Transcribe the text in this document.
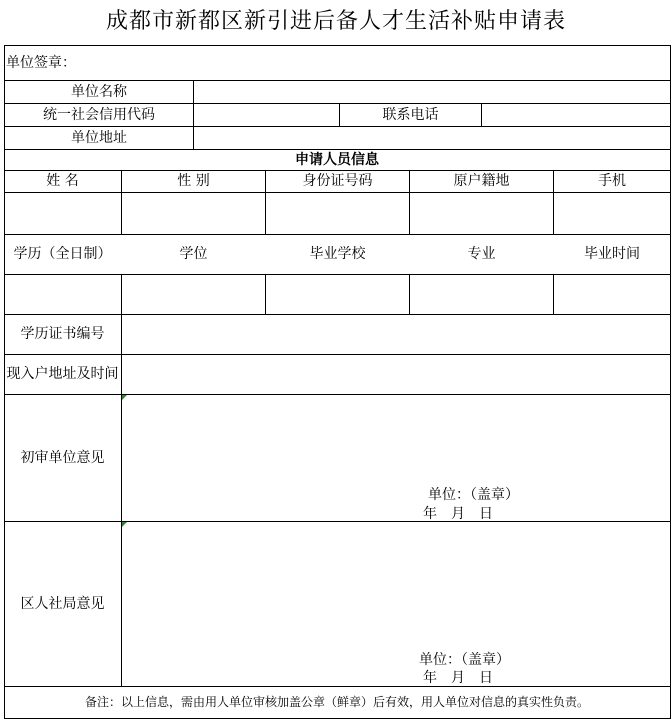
成都市新都区新引进后备人才生活补贴申请表
单位签章：
单位名称
统一社会信用代码	联系电话
单位地址
申请人员信息
姓 名	性 别	身份证号码	原户籍地	手机
学历（全日制）	学位	毕业学校	专业	毕业时间
学历证书编号
现入户地址及时间
初审单位意见
单位：（盖章）
年　月　日
区人社局意见
单位：（盖章）
年　月　日
备注：以上信息，需由用人单位审核加盖公章（鲜章）后有效，用人单位对信息的真实性负责。
